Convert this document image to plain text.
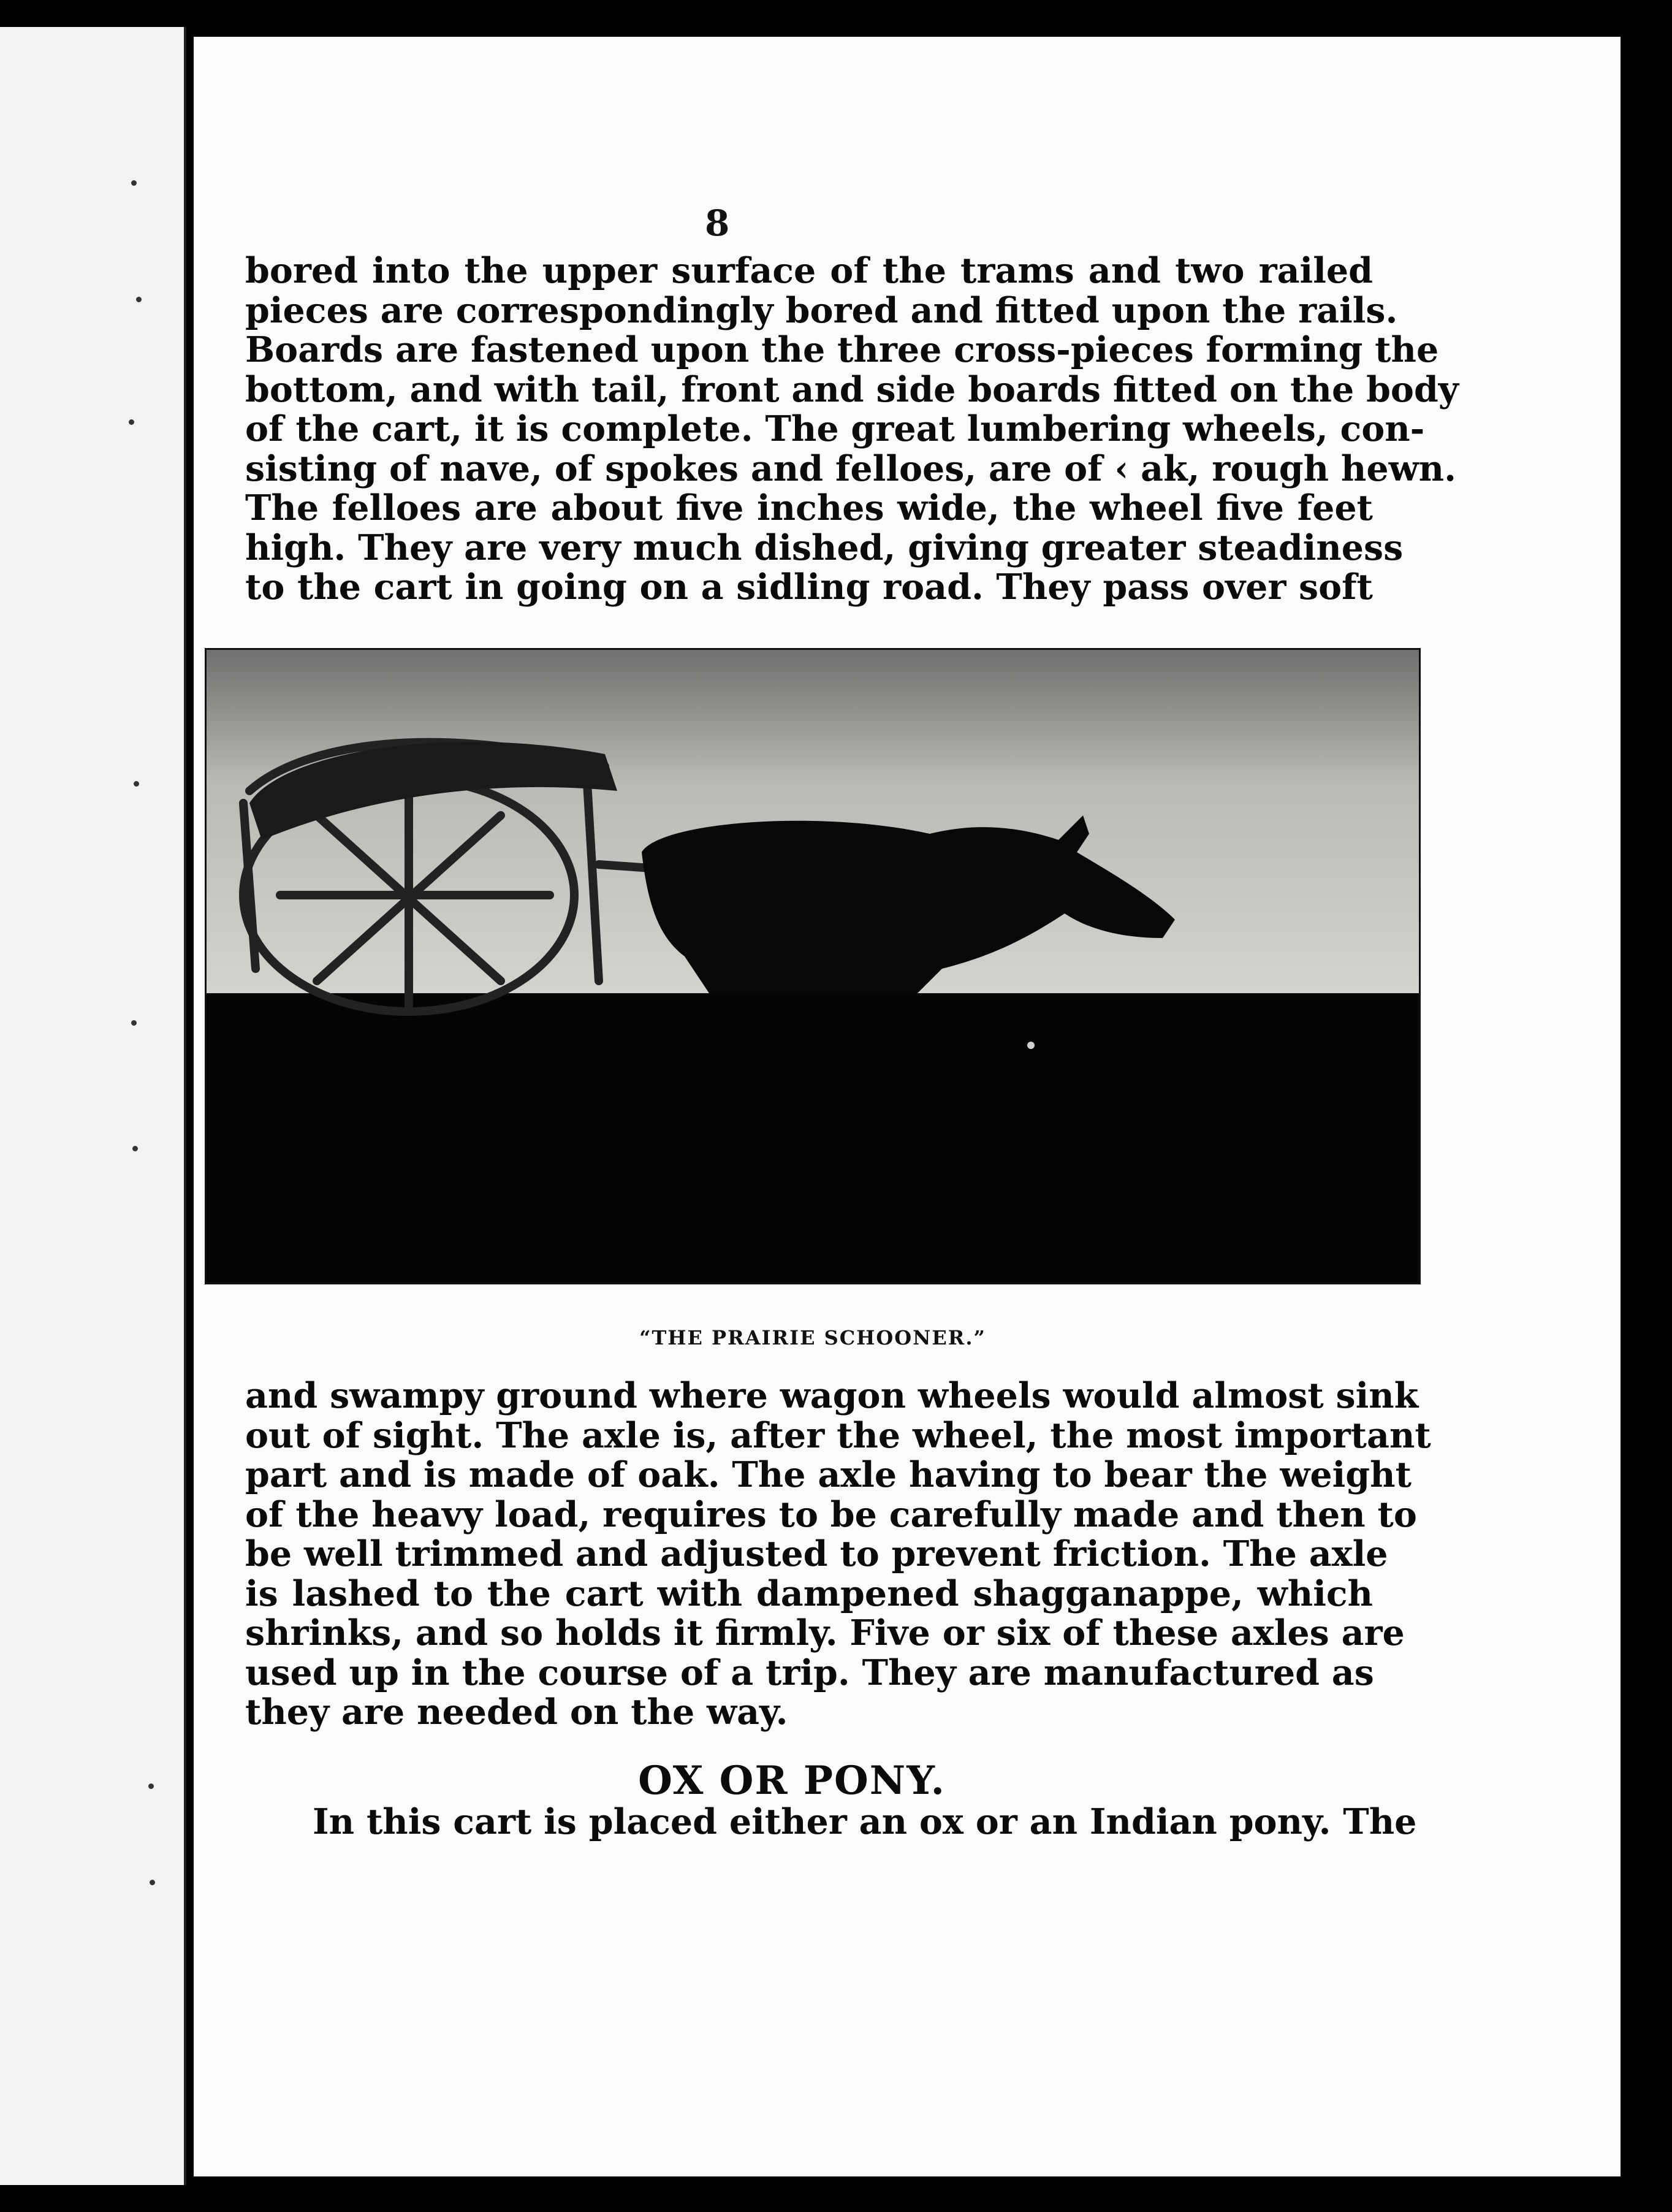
8
bored into the upper surface of the trams and two railed
pieces are correspondingly bored and fitted upon the rails.
Boards are fastened upon the three cross-pieces forming the
bottom, and with tail, front and side boards fitted on the body
of the cart, it is complete. The great lumbering wheels, con-
sisting of nave, of spokes and felloes, are of ‹ ak, rough hewn.
The felloes are about five inches wide, the wheel five feet
high. They are very much dished, giving greater steadiness
to the cart in going on a sidling road. They pass over soft
“THE PRAIRIE SCHOONER.”
and swampy ground where wagon wheels would almost sink
out of sight. The axle is, after the wheel, the most important
part and is made of oak. The axle having to bear the weight
of the heavy load, requires to be carefully made and then to
be well trimmed and adjusted to prevent friction. The axle
is lashed to the cart with dampened shagganappe, which
shrinks, and so holds it firmly. Five or six of these axles are
used up in the course of a trip. They are manufactured as
they are needed on the way.
OX OR PONY.
In this cart is placed either an ox or an Indian pony. The
